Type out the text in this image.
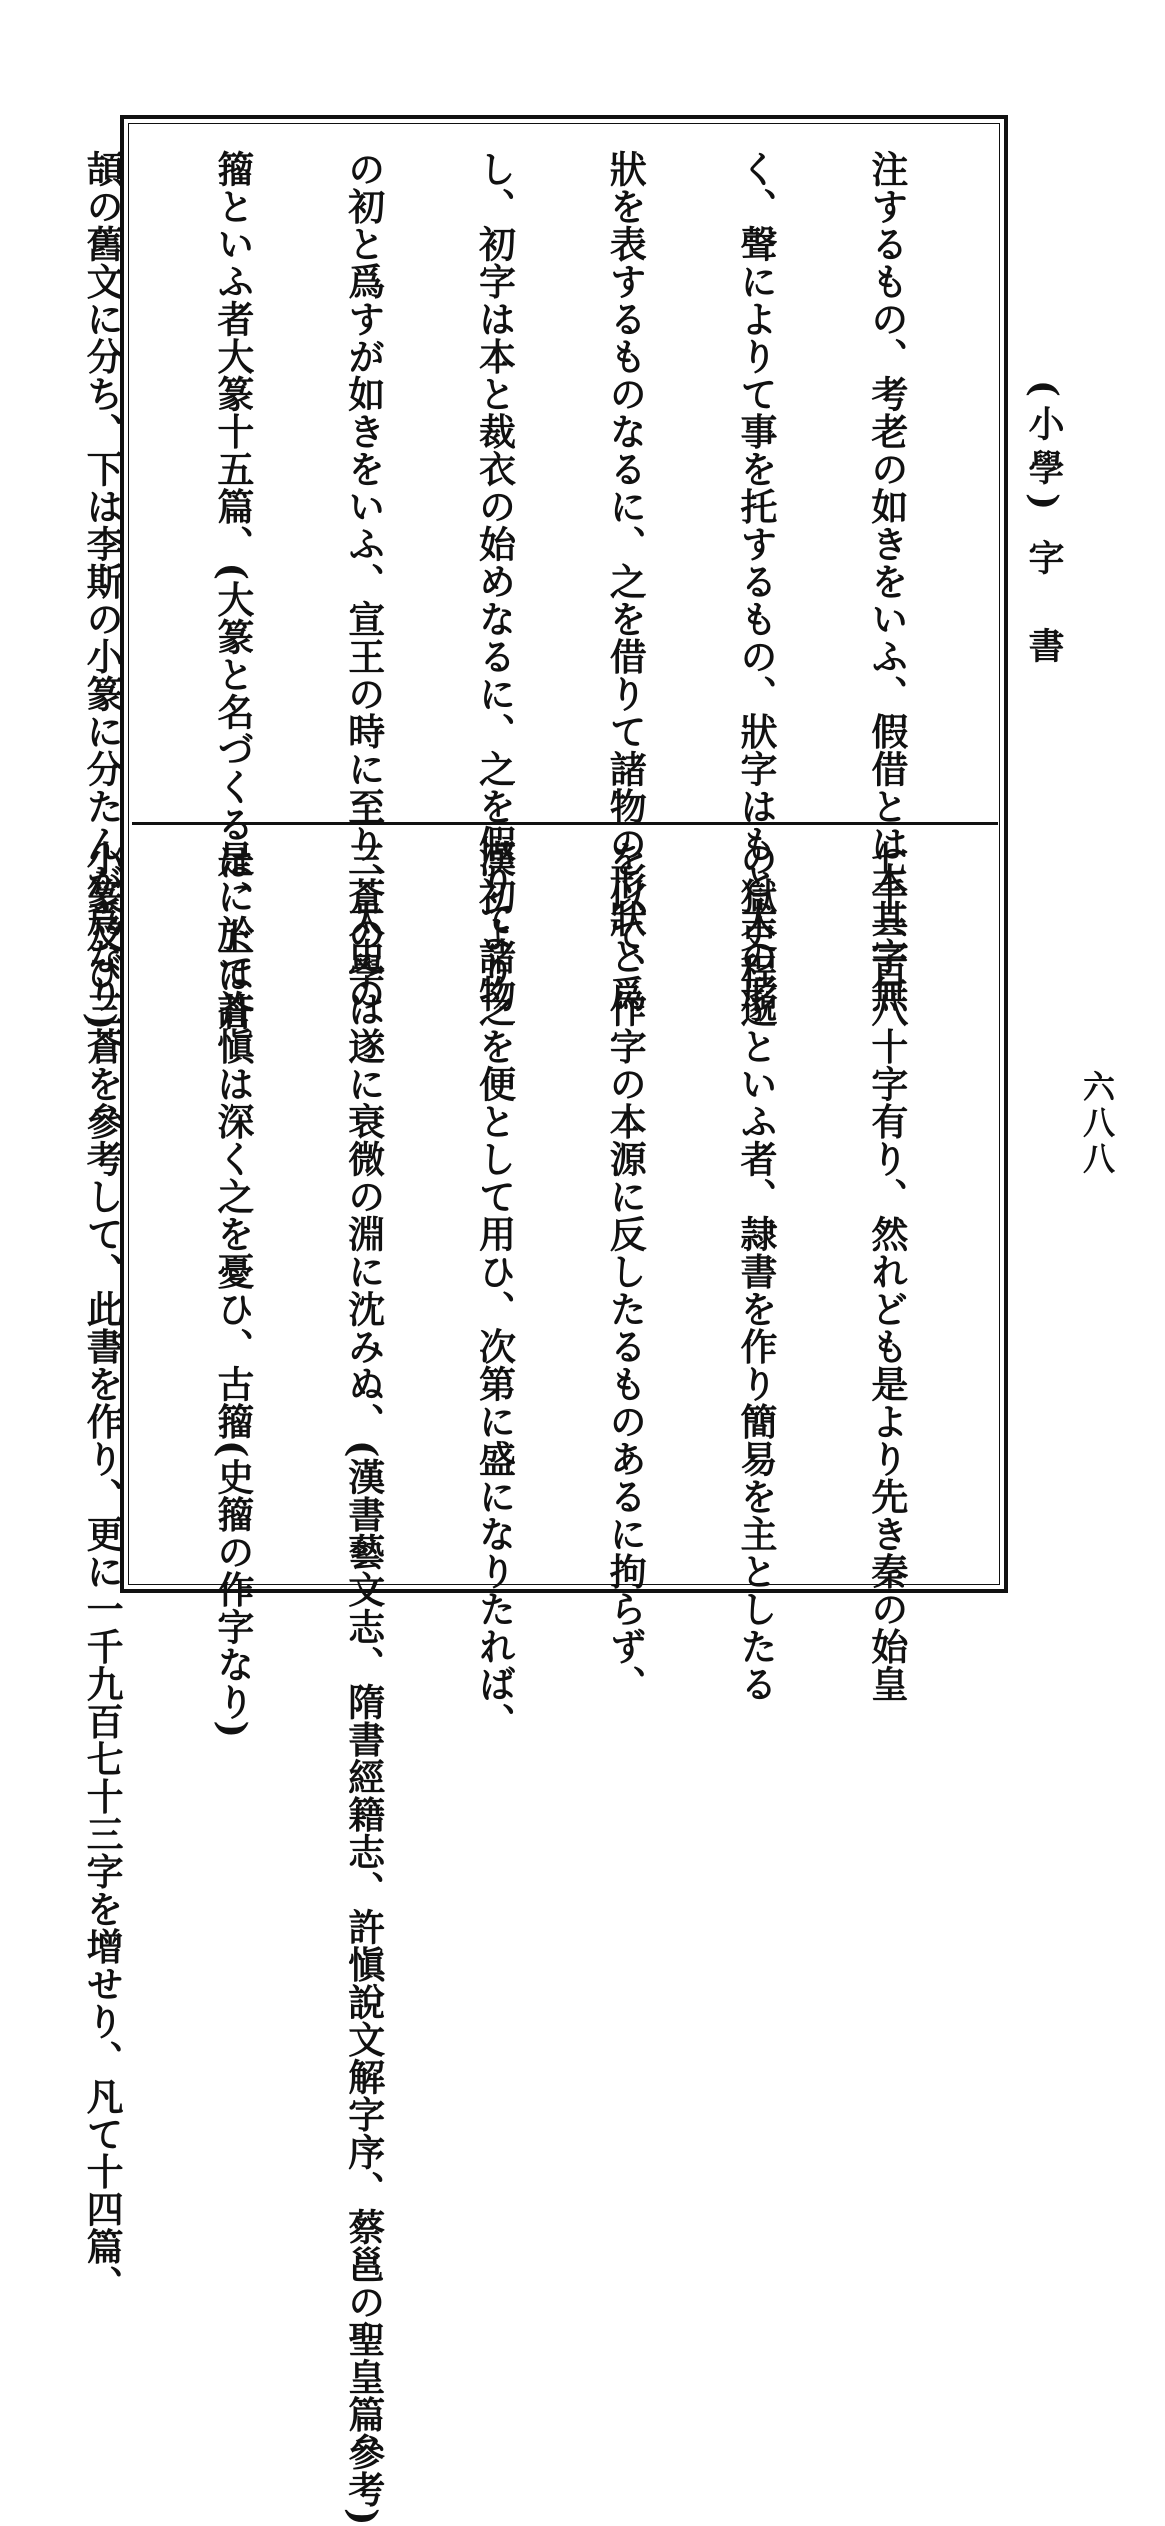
(小學) 字　書
六八八

注するもの、考老の如きをいふ、假借とは本其字無

く、聲によりて事を托するもの、狀字はもと犬の形

狀を表するものなるに、之を借りて諸物の形狀と爲

し、初字は本と裁衣の始めなるに、之を假りて諸物

の初と爲すが如きをいふ、宣王の時に至り、太史の

籀といふ者大篆十五篇、(大篆と名づくるは、上は蒼

頡の舊文に分ち、下は李斯の小篆に分たんが爲なり)

七千三百八十字有り、然れども是より先き秦の始皇

の獄吏程邈といふ者、隷書を作り簡易を主としたる

を以て、作字の本源に反したるものあるに拘らず、

漢初より之を便として用ひ、次第に盛になりたれば、

三蒼の學は遂に衰微の淵に沈みぬ、(漢書藝文志、隋書經籍志、許愼說文解字序、蔡邕の聖皇篇參考)

是に於て許愼は深く之を憂ひ、古籀(史籀の作字なり)

小篆及び三蒼を參考して、此書を作り、更に一千九百七十三字を增せり、凡て十四篇、
